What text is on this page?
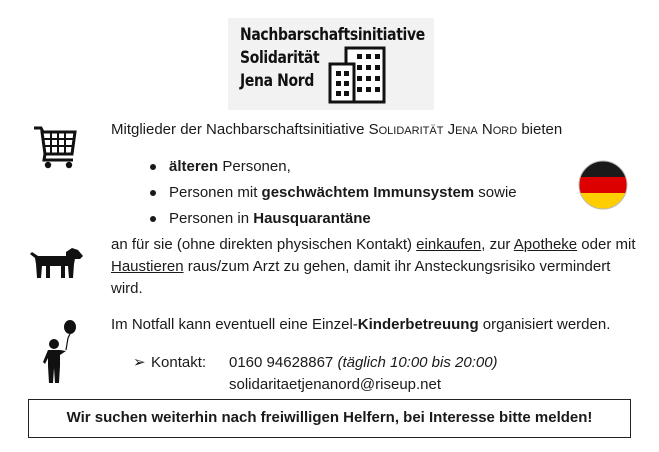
Nachbarschaftsinitiative
Solidarität
Jena Nord
Mitglieder der Nachbarschaftsinitiative Solidarität Jena Nord bieten
älteren Personen,
Personen mit geschwächtem Immunsystem sowie
Personen in Hausquarantäne
an für sie (ohne direkten physischen Kontakt) einkaufen, zur Apotheke oder mit Haustieren raus/zum Arzt zu gehen, damit ihr Ansteckungsrisiko vermindert wird.
Im Notfall kann eventuell eine Einzel-Kinderbetreuung organisiert werden.
➢ Kontakt: 0160 94628867 (täglich 10:00 bis 20:00)
solidaritaetjenanord@riseup.net
Wir suchen weiterhin nach freiwilligen Helfern, bei Interesse bitte melden!
